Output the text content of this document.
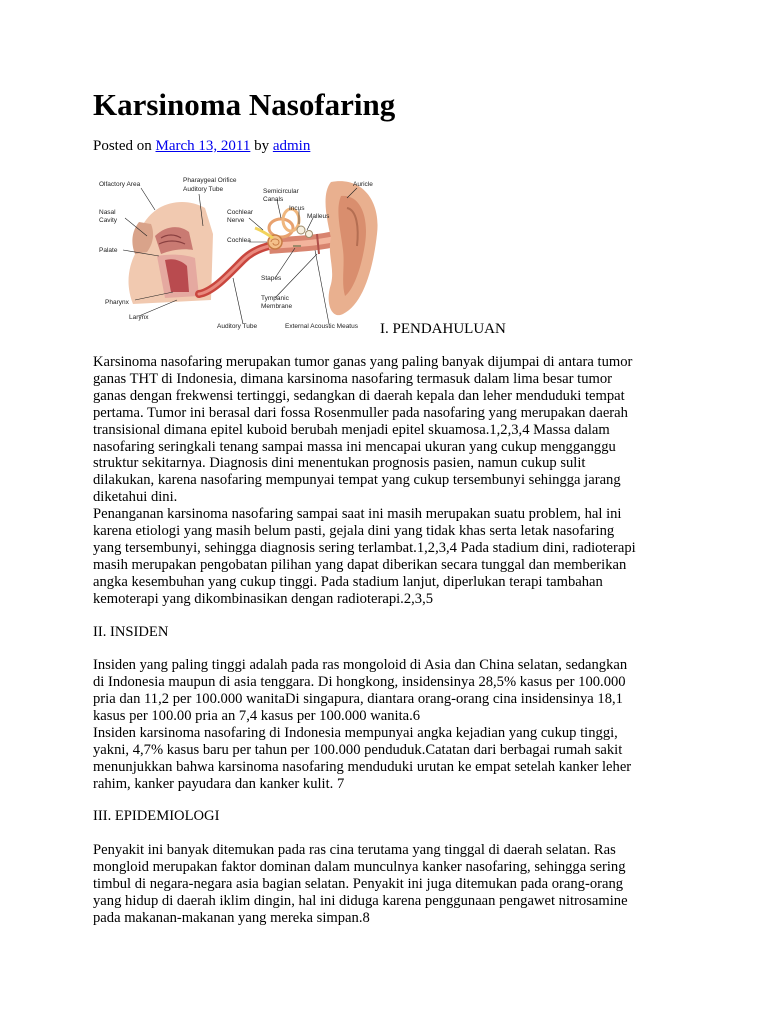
Karsinoma Nasofaring
Posted on March 13, 2011 by admin
Olfactory Area
Pharaygeal Orifice
Auditory Tube
Nasal
Cavity
Palate
Pharynx
Larynx
Semicircular
Canals
Incus
Malleus
Auricle
Cochlear
Nerve
Cochlea
Stapes
Tympanic
Membrane
Auditory Tube	External Acoustic Meatus I. PENDAHULUAN

Karsinoma nasofaring merupakan tumor ganas yang paling banyak dijumpai di antara tumor
ganas THT di Indonesia, dimana karsinoma nasofaring termasuk dalam lima besar tumor
ganas dengan frekwensi tertinggi, sedangkan di daerah kepala dan leher menduduki tempat
pertama. Tumor ini berasal dari fossa Rosenmuller pada nasofaring yang merupakan daerah
transisional dimana epitel kuboid berubah menjadi epitel skuamosa.1,2,3,4 Massa dalam
nasofaring seringkali tenang sampai massa ini mencapai ukuran yang cukup mengganggu
struktur sekitarnya. Diagnosis dini menentukan prognosis pasien, namun cukup sulit
dilakukan, karena nasofaring mempunyai tempat yang cukup tersembunyi sehingga jarang
diketahui dini.

Penanganan karsinoma nasofaring sampai saat ini masih merupakan suatu problem, hal ini
karena etiologi yang masih belum pasti, gejala dini yang tidak khas serta letak nasofaring
yang tersembunyi, sehingga diagnosis sering terlambat.1,2,3,4 Pada stadium dini, radioterapi
masih merupakan pengobatan pilihan yang dapat diberikan secara tunggal dan memberikan
angka kesembuhan yang cukup tinggi. Pada stadium lanjut, diperlukan terapi tambahan
kemoterapi yang dikombinasikan dengan radioterapi.2,3,5

II. INSIDEN

Insiden yang paling tinggi adalah pada ras mongoloid di Asia dan China selatan, sedangkan
di Indonesia maupun di asia tenggara. Di hongkong, insidensinya 28,5% kasus per 100.000
pria dan 11,2 per 100.000 wanitaDi singapura, diantara orang-orang cina insidensinya 18,1
kasus per 100.00 pria an 7,4 kasus per 100.000 wanita.6

Insiden karsinoma nasofaring di Indonesia mempunyai angka kejadian yang cukup tinggi,
yakni, 4,7% kasus baru per tahun per 100.000 penduduk.Catatan dari berbagai rumah sakit
menunjukkan bahwa karsinoma nasofaring menduduki urutan ke empat setelah kanker leher
rahim, kanker payudara dan kanker kulit. 7

III. EPIDEMIOLOGI

Penyakit ini banyak ditemukan pada ras cina terutama yang tinggal di daerah selatan. Ras
mongloid merupakan faktor dominan dalam munculnya kanker nasofaring, sehingga sering
timbul di negara-negara asia bagian selatan. Penyakit ini juga ditemukan pada orang-orang
yang hidup di daerah iklim dingin, hal ini diduga karena penggunaan pengawet nitrosamine
pada makanan-makanan yang mereka simpan.8
